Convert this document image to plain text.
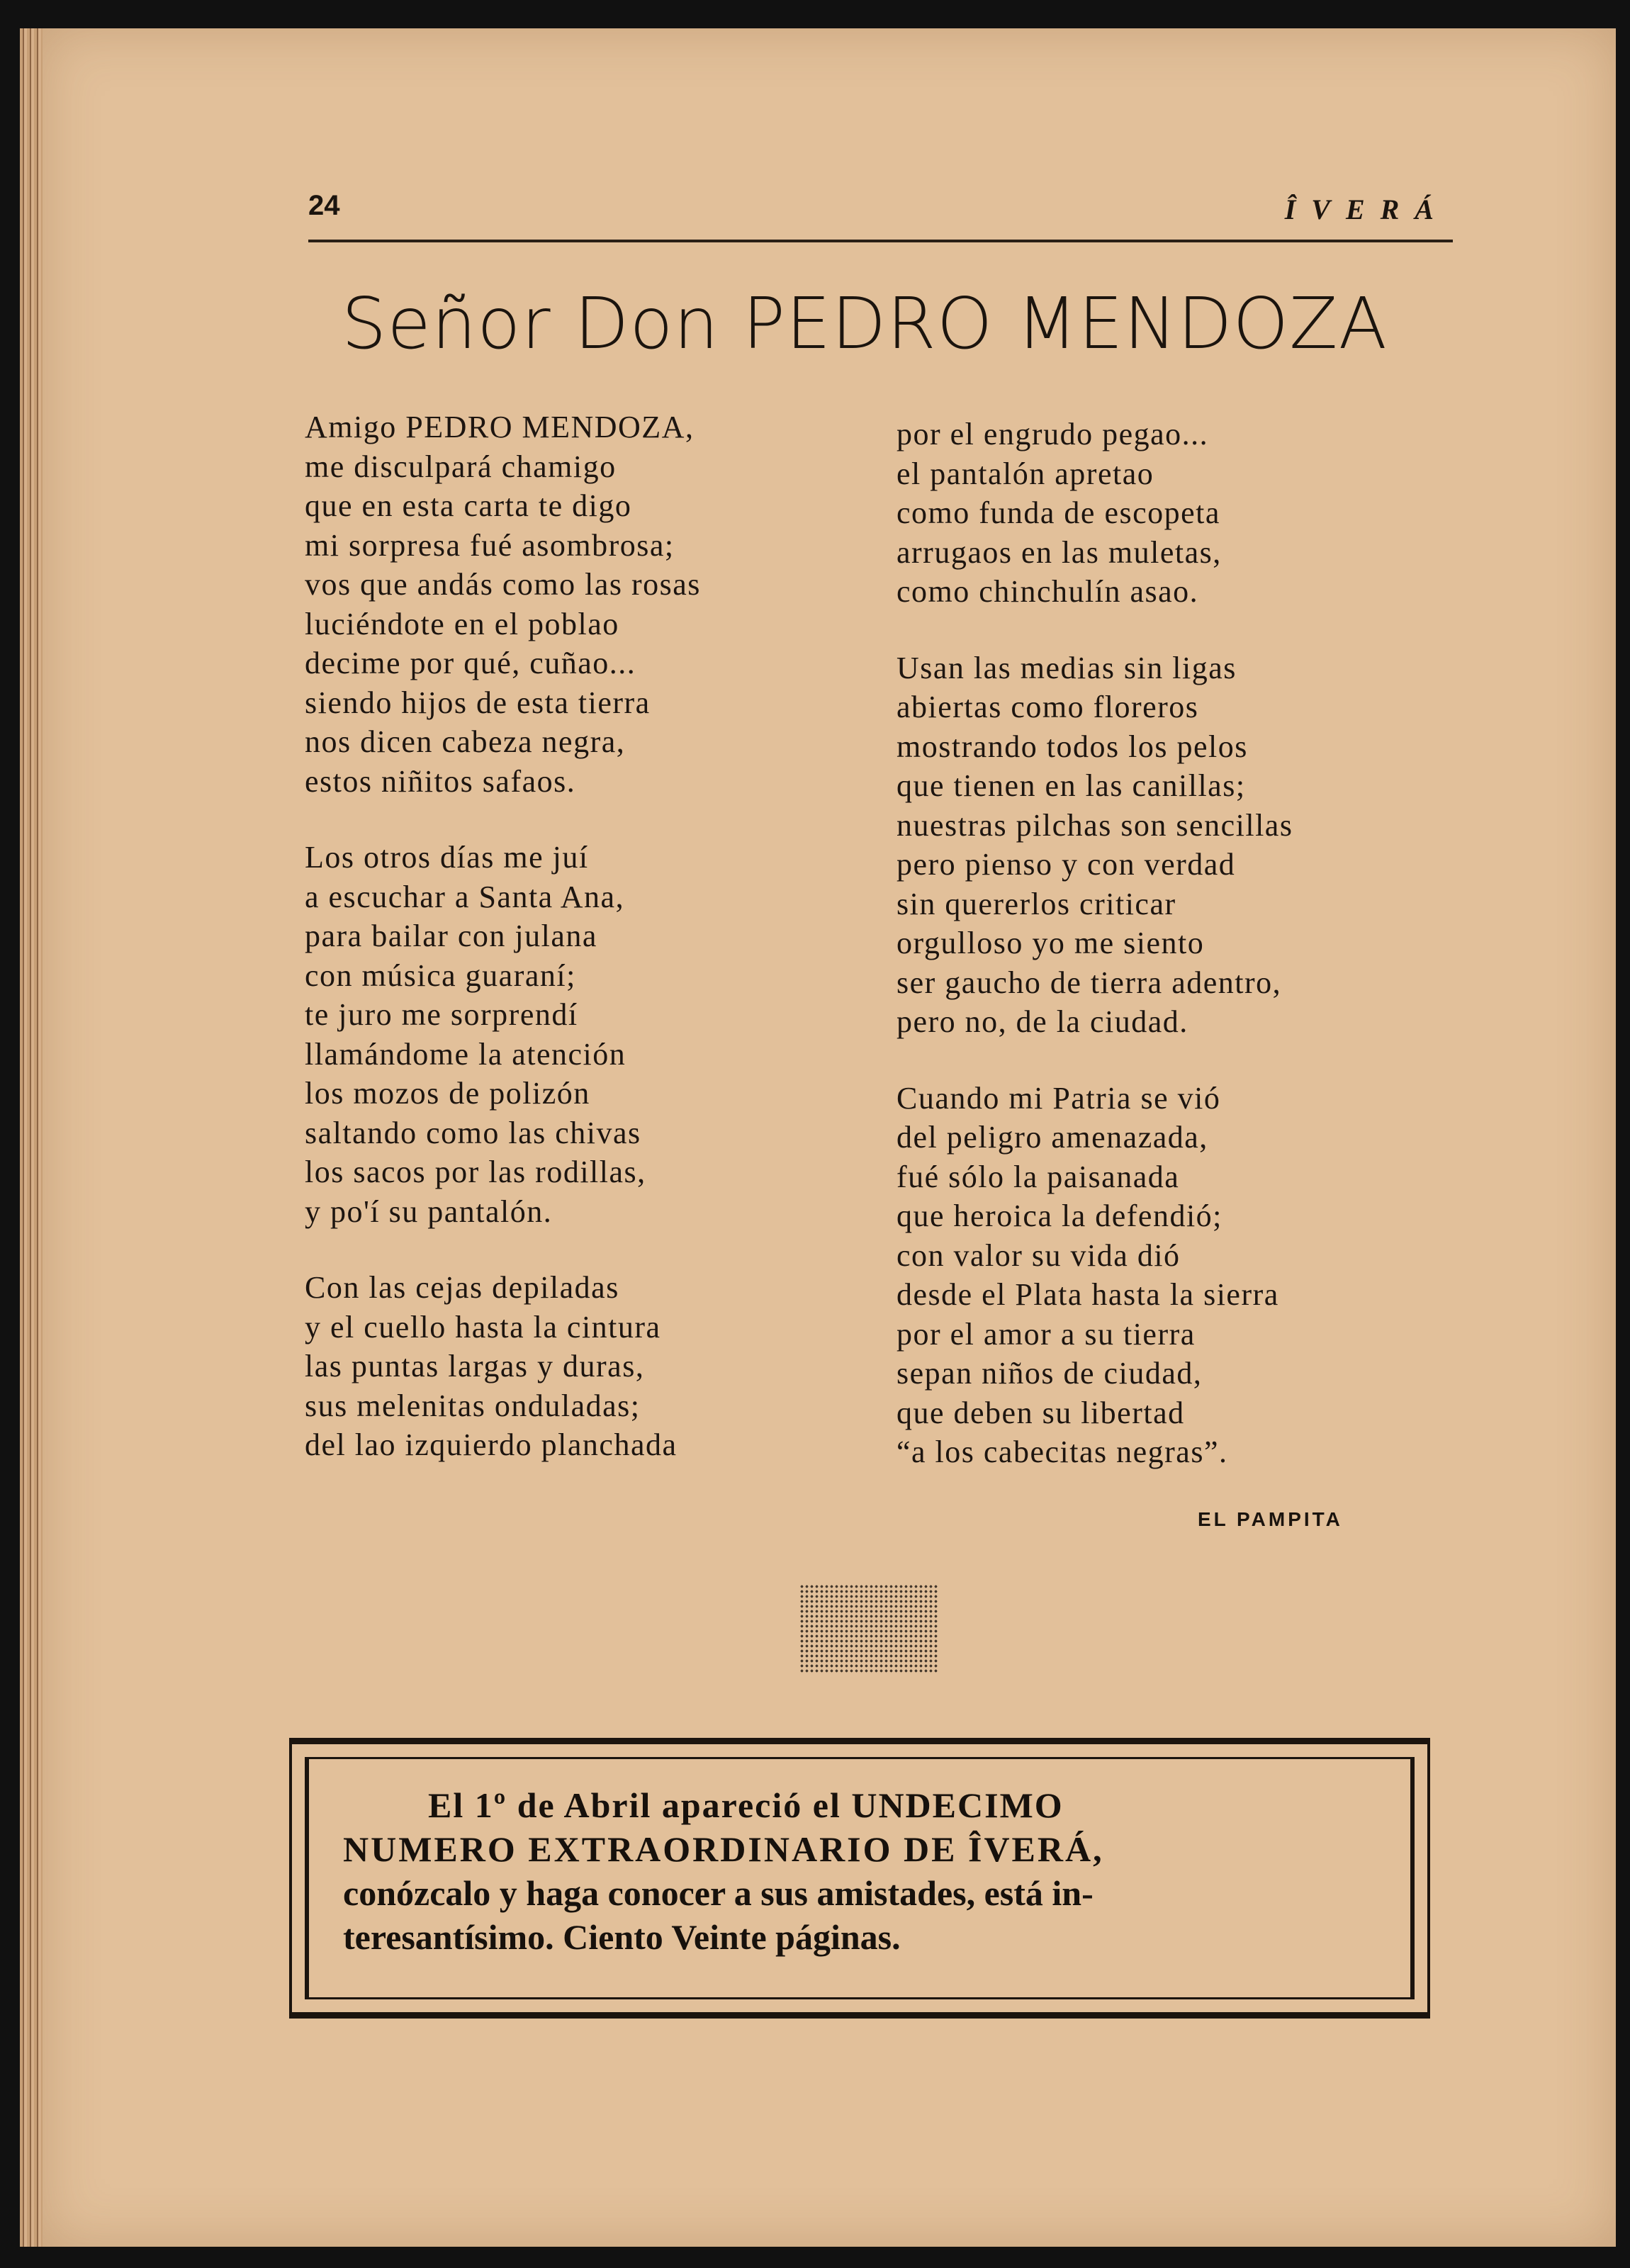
24	ÎVERÁ
Señor Don PEDRO MENDOZA
Amigo PEDRO MENDOZA,
me disculpará chamigo
que en esta carta te digo
mi sorpresa fué asombrosa;
vos que andás como las rosas
luciéndote en el poblao
decime por qué, cuñao...
siendo hijos de esta tierra
nos dicen cabeza negra,
estos niñitos safaos.
Los otros días me juí
a escuchar a Santa Ana,
para bailar con julana
con música guaraní;
te juro me sorprendí
llamándome la atención
los mozos de polizón
saltando como las chivas
los sacos por las rodillas,
y po'í su pantalón.
Con las cejas depiladas
y el cuello hasta la cintura
las puntas largas y duras,
sus melenitas onduladas;
del lao izquierdo planchada
por el engrudo pegao...
el pantalón apretao
como funda de escopeta
arrugaos en las muletas,
como chinchulín asao.
Usan las medias sin ligas
abiertas como floreros
mostrando todos los pelos
que tienen en las canillas;
nuestras pilchas son sencillas
pero pienso y con verdad
sin quererlos criticar
orgulloso yo me siento
ser gaucho de tierra adentro,
pero no, de la ciudad.
Cuando mi Patria se vió
del peligro amenazada,
fué sólo la paisanada
que heroica la defendió;
con valor su vida dió
desde el Plata hasta la sierra
por el amor a su tierra
sepan niños de ciudad,
que deben su libertad
“a los cabecitas negras”.
EL PAMPITA
El 1º de Abril apareció el UNDECIMO
NUMERO EXTRAORDINARIO DE ÎVERÁ,
conózcalo y haga conocer a sus amistades, está in-
teresantísimo. Ciento Veinte páginas.
